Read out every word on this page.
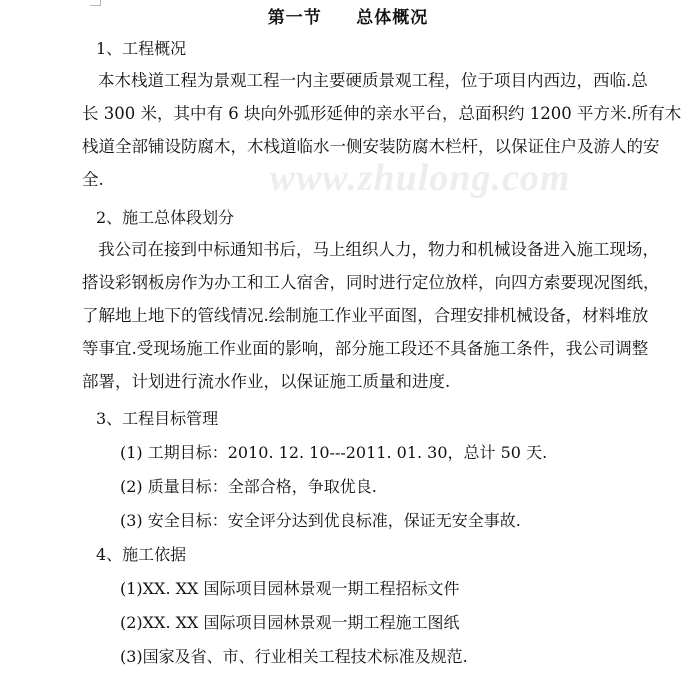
www.zhulong.com
第一节     总体概况
1、工程概况
本木栈道工程为景观工程一内主要硬质景观工程，位于项目内西边，西临.总
长 300 米，其中有 6 块向外弧形延伸的亲水平台，总面积约 1200 平方米.所有木
栈道全部铺设防腐木，木栈道临水一侧安装防腐木栏杆，以保证住户及游人的安
全.
2、施工总体段划分
我公司在接到中标通知书后，马上组织人力，物力和机械设备进入施工现场，
搭设彩钢板房作为办工和工人宿舍，同时进行定位放样，向四方索要现况图纸，
了解地上地下的管线情况.绘制施工作业平面图，合理安排机械设备，材料堆放
等事宜.受现场施工作业面的影响，部分施工段还不具备施工条件，我公司调整
部署，计划进行流水作业，以保证施工质量和进度.
3、工程目标管理
(1) 工期目标：2010. 12. 10---2011. 01. 30，总计 50 天.
(2) 质量目标：全部合格，争取优良.
(3) 安全目标：安全评分达到优良标准，保证无安全事故.
4、施工依据
(1)XX. XX 国际项目园林景观一期工程招标文件
(2)XX. XX 国际项目园林景观一期工程施工图纸
(3)国家及省、市、行业相关工程技术标准及规范.
